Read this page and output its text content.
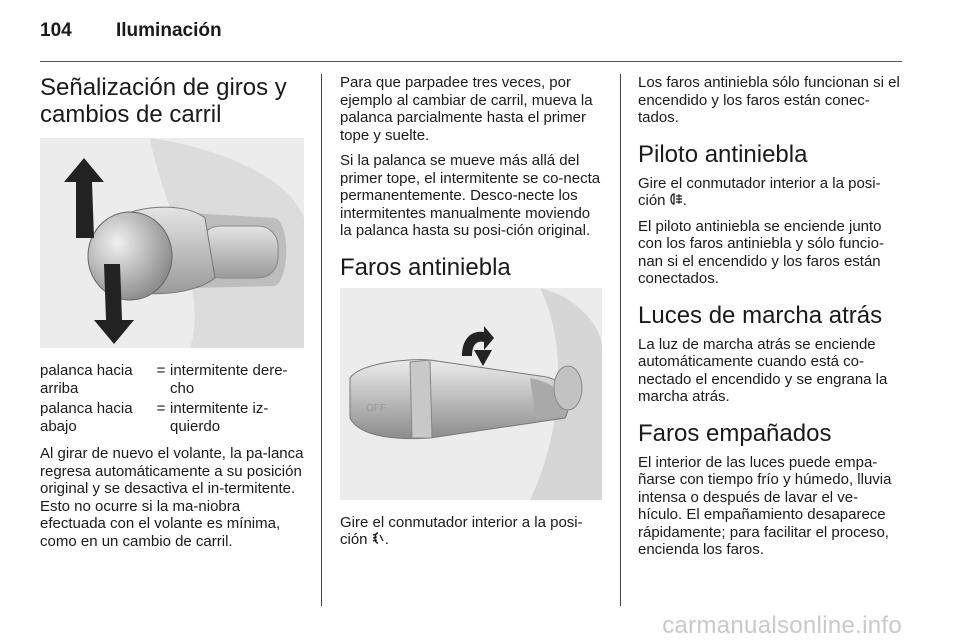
104 Iluminación
Señalización de giros y
cambios de carril
palanca hacia arriba
= intermitente dere-cho
palanca hacia abajo
= intermitente iz-quierdo

Al girar de nuevo el volante, la pa-lanca regresa automáticamente a su posición original y se desactiva el in-termitente. Esto no ocurre si la ma-niobra efectuada con el volante es mínima, como en un cambio de carril.

Para que parpadee tres veces, por ejemplo al cambiar de carril, mueva la palanca parcialmente hasta el primer tope y suelte.

Si la palanca se mueve más allá del primer tope, el intermitente se co-necta permanentemente. Desco-necte los intermitentes manualmente moviendo la palanca hasta su posi-ción original.

Faros antiniebla
OFF

Gire el conmutador interior a la posi-ción .

Los faros antiniebla sólo funcionan si el encendido y los faros están conec-tados.

Piloto antiniebla

Gire el conmutador interior a la posi-ción .

El piloto antiniebla se enciende junto con los faros antiniebla y sólo funcio-nan si el encendido y los faros están conectados.

Luces de marcha atrás

La luz de marcha atrás se enciende automáticamente cuando está co-nectado el encendido y se engrana la marcha atrás.

Faros empañados

El interior de las luces puede empa-ñarse con tiempo frío y húmedo, lluvia intensa o después de lavar el ve-hículo. El empañamiento desaparece rápidamente; para facilitar el proceso, encienda los faros.

carmanualsonline.info
